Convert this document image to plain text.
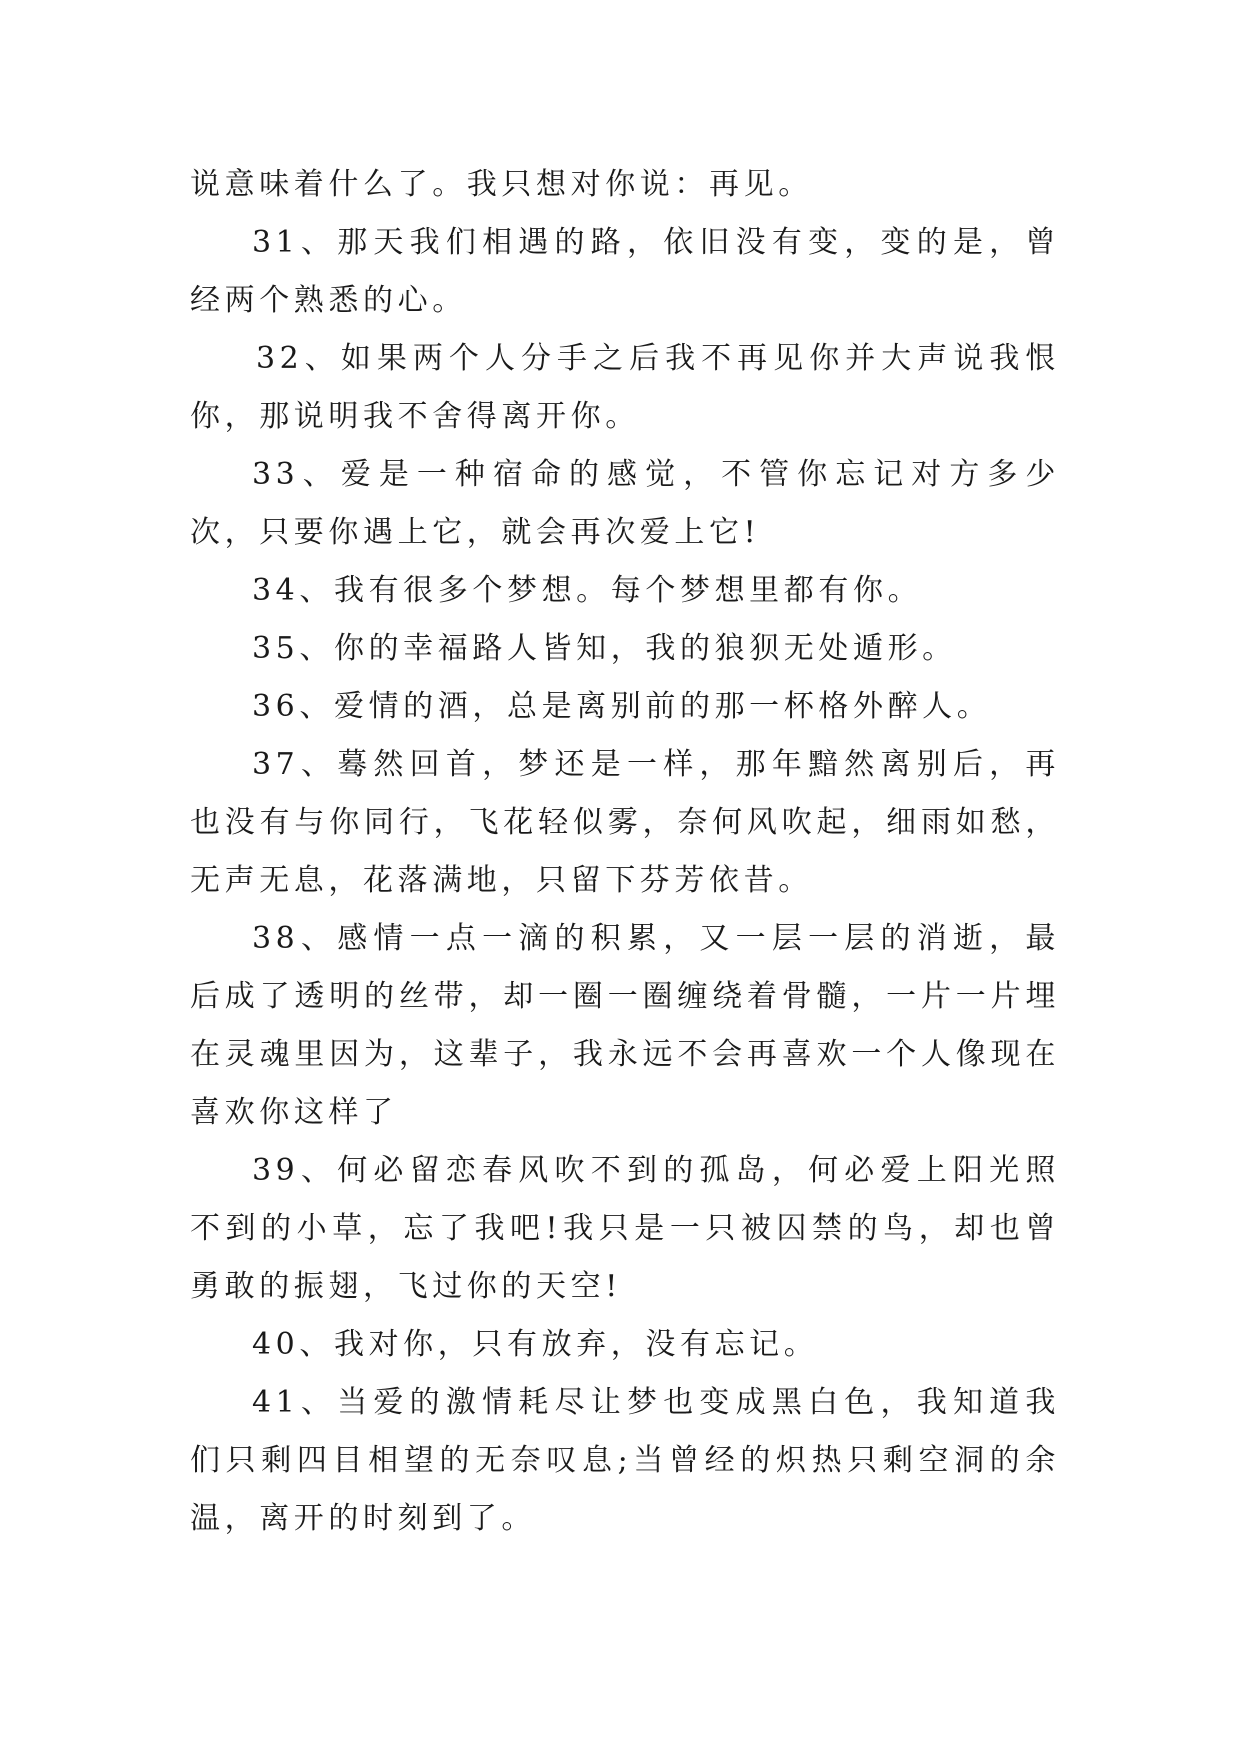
说意味着什么了。我只想对你说：再见。

31、那天我们相遇的路，依旧没有变，变的是，曾经两个熟悉的心。

32、如果两个人分手之后我不再见你并大声说我恨你，那说明我不舍得离开你。

33、爱是一种宿命的感觉，不管你忘记对方多少次，只要你遇上它，就会再次爱上它!

34、我有很多个梦想。每个梦想里都有你。

35、你的幸福路人皆知，我的狼狈无处遁形。

36、爱情的酒，总是离别前的那一杯格外醉人。

37、蓦然回首，梦还是一样，那年黯然离别后，再也没有与你同行，飞花轻似雾，奈何风吹起，细雨如愁，无声无息，花落满地，只留下芬芳依昔。

38、感情一点一滴的积累，又一层一层的消逝，最后成了透明的丝带，却一圈一圈缠绕着骨髓，一片一片埋在灵魂里因为，这辈子，我永远不会再喜欢一个人像现在喜欢你这样了

39、何必留恋春风吹不到的孤岛，何必爱上阳光照不到的小草，忘了我吧!我只是一只被囚禁的鸟，却也曾勇敢的振翅，飞过你的天空!

40、我对你，只有放弃，没有忘记。

41、当爱的激情耗尽让梦也变成黑白色，我知道我们只剩四目相望的无奈叹息;当曾经的炽热只剩空洞的余温，离开的时刻到了。
